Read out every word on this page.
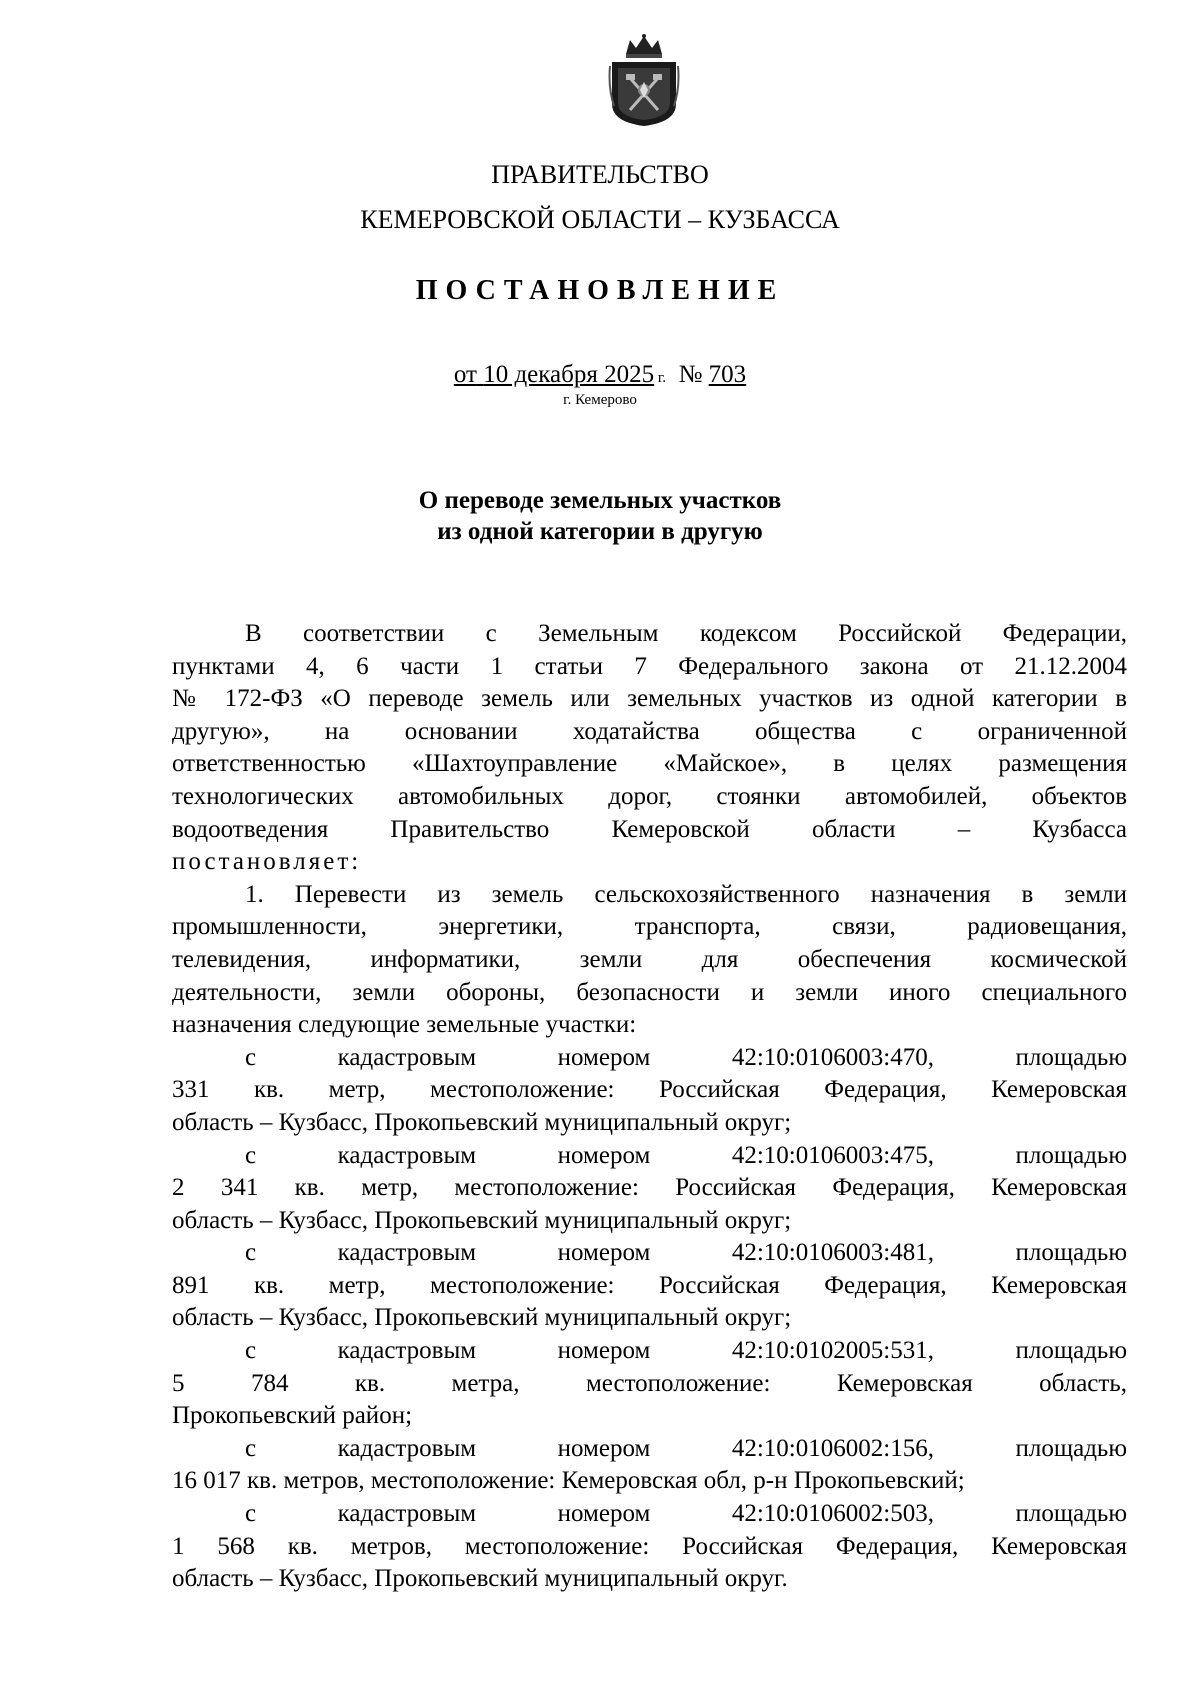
ПРАВИТЕЛЬСТВО
КЕМЕРОВСКОЙ ОБЛАСТИ – КУЗБАССА
ПОСТАНОВЛЕНИЕ
от 10 декабря 2025 г. № 703
г. Кемерово
О переводе земельных участков
из одной категории в другую

В соответствии с Земельным кодексом Российской Федерации,

пунктами 4, 6 части 1 статьи 7 Федерального закона от 21.12.2004

№ 172-ФЗ «О переводе земель или земельных участков из одной категории в

другую», на основании ходатайства общества с ограниченной

ответственностью «Шахтоуправление «Майское», в целях размещения

технологических автомобильных дорог, стоянки автомобилей, объектов

водоотведения Правительство Кемеровской области – Кузбасса

постановляет:

1. Перевести из земель сельскохозяйственного назначения в земли

промышленности, энергетики, транспорта, связи, радиовещания,

телевидения, информатики, земли для обеспечения космической

деятельности, земли обороны, безопасности и земли иного специального

назначения следующие земельные участки:

с кадастровым номером 42:10:0106003:470, площадью

331 кв. метр, местоположение: Российская Федерация, Кемеровская

область – Кузбасс, Прокопьевский муниципальный округ;

с кадастровым номером 42:10:0106003:475, площадью

2 341 кв. метр, местоположение: Российская Федерация, Кемеровская

область – Кузбасс, Прокопьевский муниципальный округ;

с кадастровым номером 42:10:0106003:481, площадью

891 кв. метр, местоположение: Российская Федерация, Кемеровская

область – Кузбасс, Прокопьевский муниципальный округ;

с кадастровым номером 42:10:0102005:531, площадью

5 784 кв. метра, местоположение: Кемеровская область,

Прокопьевский район;

с кадастровым номером 42:10:0106002:156, площадью

16 017 кв. метров, местоположение: Кемеровская обл, р-н Прокопьевский;

с кадастровым номером 42:10:0106002:503, площадью

1 568 кв. метров, местоположение: Российская Федерация, Кемеровская

область – Кузбасс, Прокопьевский муниципальный округ.
